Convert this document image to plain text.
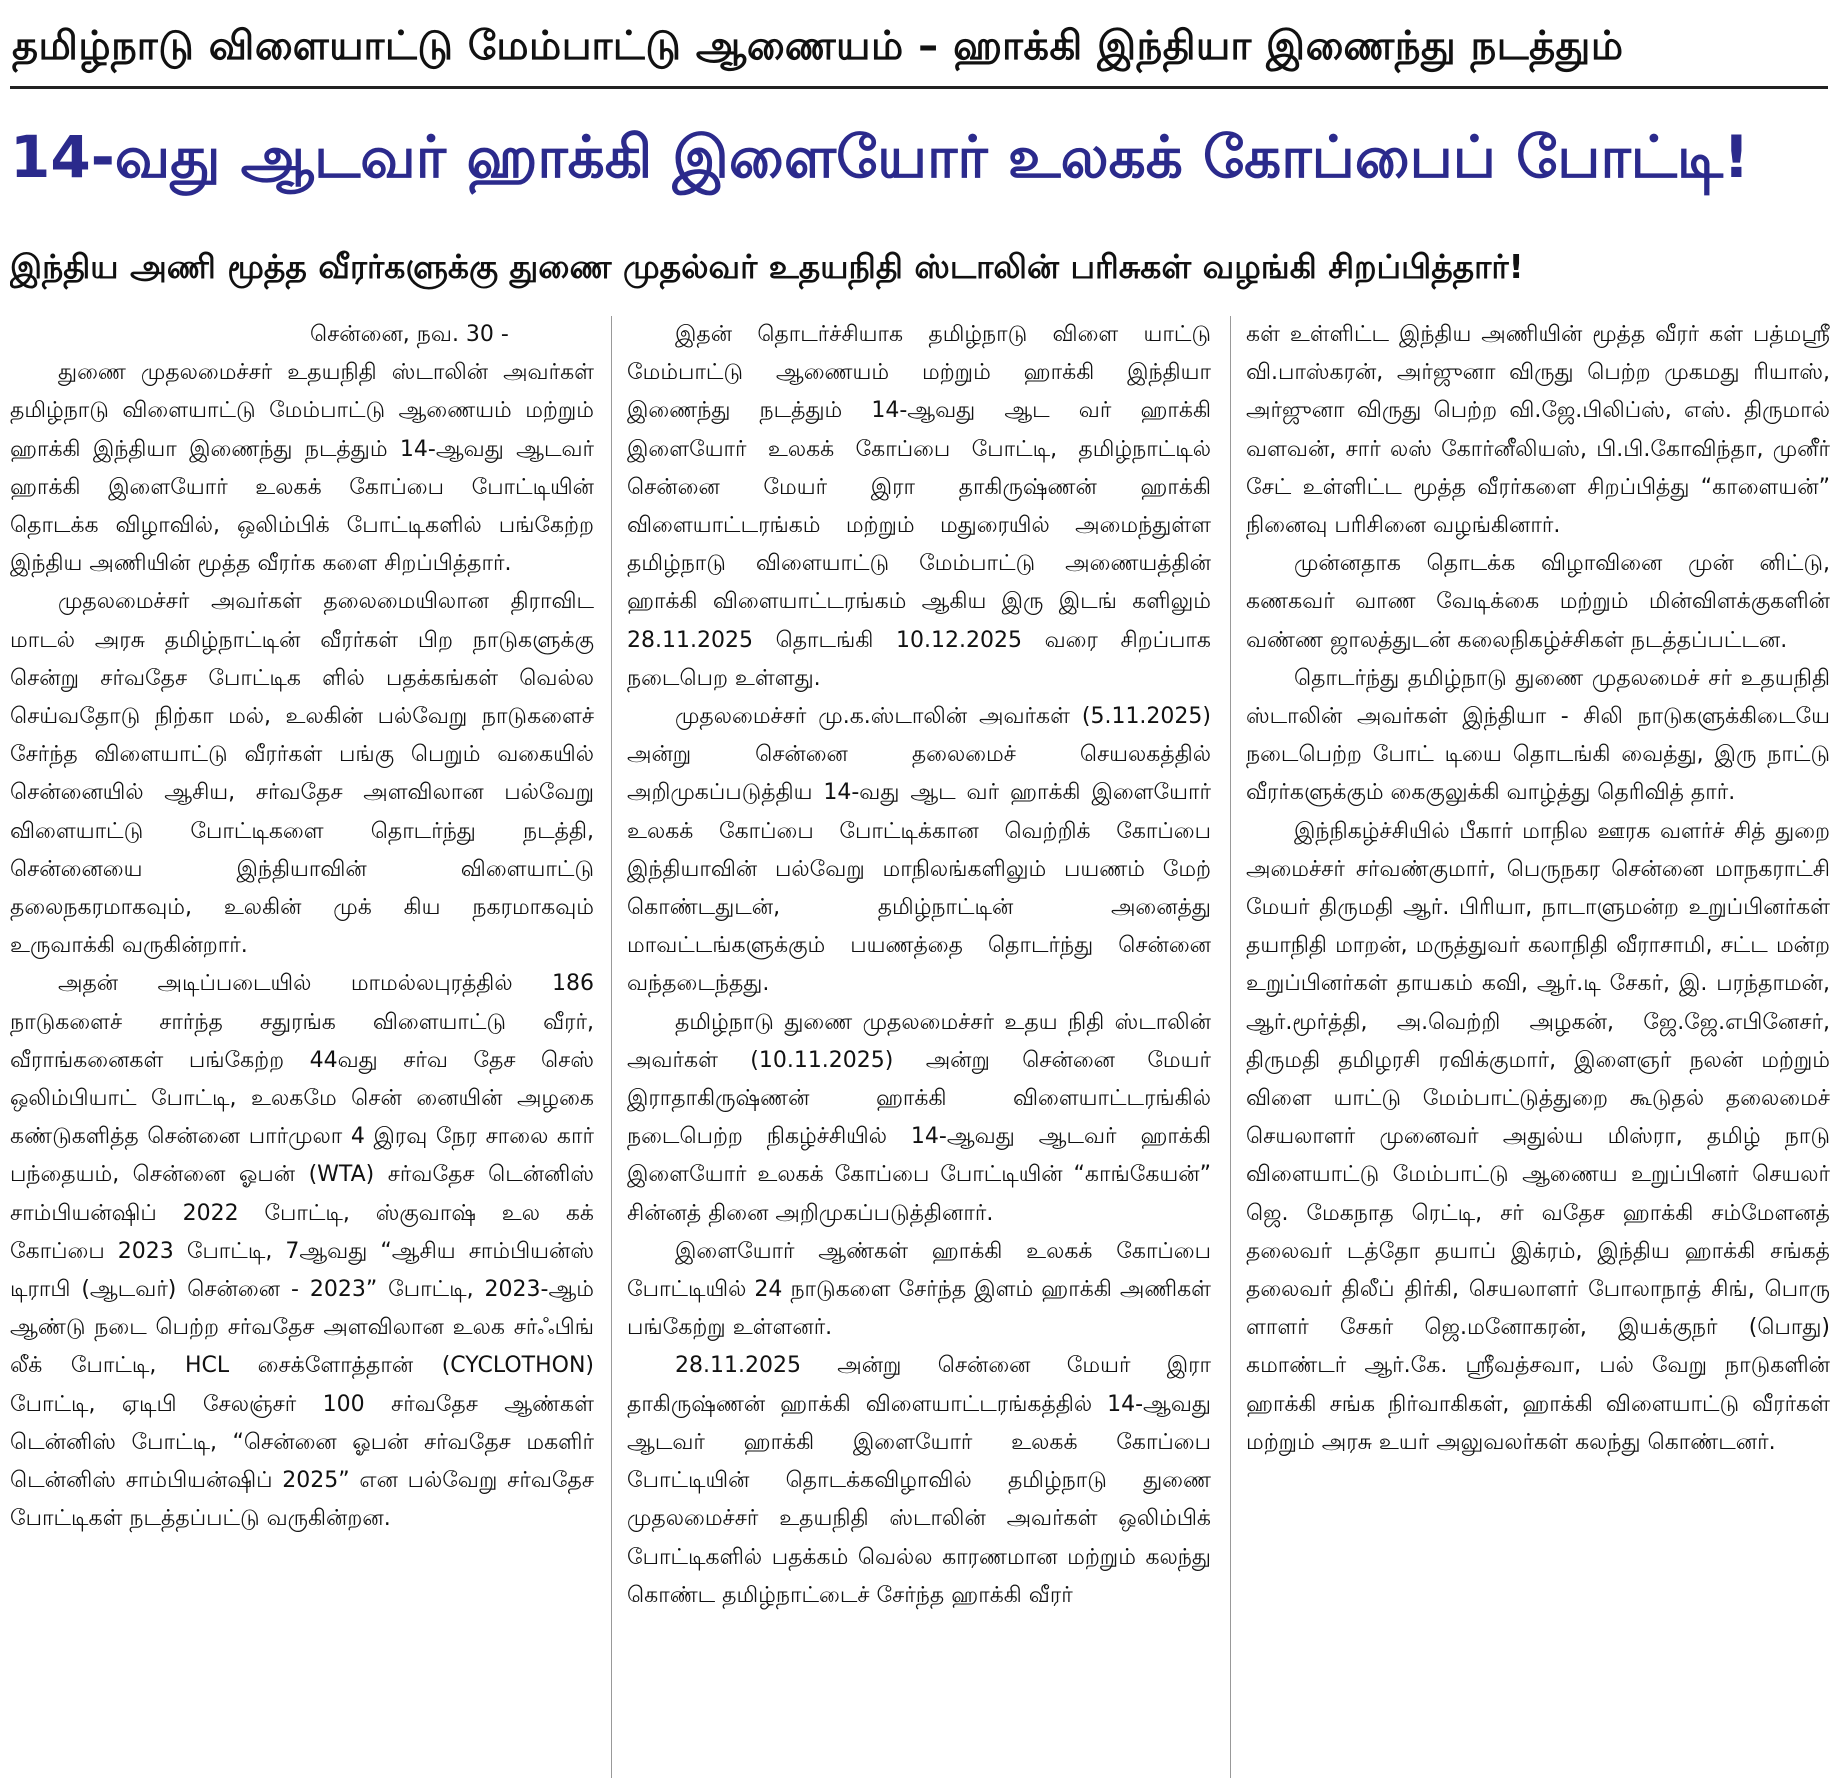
தமிழ்நாடு விளையாட்டு மேம்பாட்டு ஆணையம் – ஹாக்கி இந்தியா இணைந்து நடத்தும்
14-வது ஆடவர் ஹாக்கி இளையோர் உலகக் கோப்பைப் போட்டி!
இந்திய அணி மூத்த வீரர்களுக்கு துணை முதல்வர் உதயநிதி ஸ்டாலின் பரிசுகள் வழங்கி சிறப்பித்தார்!
சென்னை, நவ. 30 -
துணை முதலமைச்சர் உதயநிதி ஸ்டாலின் அவர்கள் தமிழ்நாடு விளையாட்டு மேம்பாட்டு ஆணையம் மற்றும் ஹாக்கி இந்தியா இணைந்து நடத்தும் 14-ஆவது ஆடவர் ஹாக்கி இளையோர் உலகக் கோப்பை போட்டியின் தொடக்க விழாவில், ஒலிம்பிக் போட்டிகளில் பங்கேற்ற இந்திய அணியின் மூத்த வீரர்க களை சிறப்பித்தார்.
முதலமைச்சர் அவர்கள் தலைமையிலான திராவிட மாடல் அரசு தமிழ்நாட்டின் வீரர்கள் பிற நாடுகளுக்கு சென்று சர்வதேச போட்டிக ளில் பதக்கங்கள் வெல்ல செய்வதோடு நிற்கா மல், உலகின் பல்வேறு நாடுகளைச் சேர்ந்த விளையாட்டு வீரர்கள் பங்கு பெறும் வகையில் சென்னையில் ஆசிய, சர்வதேச அளவிலான பல்வேறு விளையாட்டு போட்டிகளை தொடர்ந்து நடத்தி, சென்னையை இந்தியாவின் விளையாட்டு தலைநகரமாகவும், உலகின் முக் கிய நகரமாகவும் உருவாக்கி வருகின்றார்.
அதன் அடிப்படையில் மாமல்லபுரத்தில் 186 நாடுகளைச் சார்ந்த சதுரங்க விளையாட்டு வீரர், வீராங்கனைகள் பங்கேற்ற 44வது சர்வ தேச செஸ் ஒலிம்பியாட் போட்டி, உலகமே சென் னையின் அழகை கண்டுகளித்த சென்னை பார்முலா 4 இரவு நேர சாலை கார் பந்தையம், சென்னை ஓபன் (WTA) சர்வதேச டென்னிஸ் சாம்பியன்ஷிப் 2022 போட்டி, ஸ்குவாஷ் உல கக் கோப்பை 2023 போட்டி, 7ஆவது “ஆசிய சாம்பியன்ஸ் டிராபி (ஆடவர்) சென்னை - 2023” போட்டி, 2023-ஆம் ஆண்டு நடை பெற்ற சர்வதேச அளவிலான உலக சர்ஃபிங் லீக் போட்டி, HCL சைக்ளோத்தான் (CYCLOTHON) போட்டி, ஏடிபி சேலஞ்சர் 100 சர்வதேச ஆண்கள் டென்னிஸ் போட்டி, “சென்னை ஓபன் சர்வதேச மகளிர் டென்னிஸ் சாம்பியன்ஷிப் 2025” என பல்வேறு சர்வதேச போட்டிகள் நடத்தப்பட்டு வருகின்றன.
இதன் தொடர்ச்சியாக தமிழ்நாடு விளை யாட்டு மேம்பாட்டு ஆணையம் மற்றும் ஹாக்கி இந்தியா இணைந்து நடத்தும் 14-ஆவது ஆட வர் ஹாக்கி இளையோர் உலகக் கோப்பை போட்டி, தமிழ்நாட்டில் சென்னை மேயர் இரா தாகிருஷ்ணன் ஹாக்கி விளையாட்டரங்கம் மற்றும் மதுரையில் அமைந்துள்ள தமிழ்நாடு விளையாட்டு மேம்பாட்டு அணையத்தின் ஹாக்கி விளையாட்டரங்கம் ஆகிய இரு இடங் களிலும் 28.11.2025 தொடங்கி 10.12.2025 வரை சிறப்பாக நடைபெற உள்ளது.
முதலமைச்சர் மு.க.ஸ்டாலின் அவர்கள் (5.11.2025) அன்று சென்னை தலைமைச் செயலகத்தில் அறிமுகப்படுத்திய 14-வது ஆட வர் ஹாக்கி இளையோர் உலகக் கோப்பை போட்டிக்கான வெற்றிக் கோப்பை இந்தியாவின் பல்வேறு மாநிலங்களிலும் பயணம் மேற் கொண்டதுடன், தமிழ்நாட்டின் அனைத்து மாவட்டங்களுக்கும் பயணத்தை தொடர்ந்து சென்னை வந்தடைந்தது.
தமிழ்நாடு துணை முதலமைச்சர் உதய நிதி ஸ்டாலின் அவர்கள் (10.11.2025) அன்று சென்னை மேயர் இராதாகிருஷ்ணன் ஹாக்கி விளையாட்டரங்கில் நடைபெற்ற நிகழ்ச்சியில் 14-ஆவது ஆடவர் ஹாக்கி இளையோர் உலகக் கோப்பை போட்டியின் “காங்கேயன்” சின்னத் தினை அறிமுகப்படுத்தினார்.
இளையோர் ஆண்கள் ஹாக்கி உலகக் கோப்பை போட்டியில் 24 நாடுகளை சேர்ந்த இளம் ஹாக்கி அணிகள் பங்கேற்று உள்ளனர்.
28.11.2025 அன்று சென்னை மேயர் இரா தாகிருஷ்ணன் ஹாக்கி விளையாட்டரங்கத்தில் 14-ஆவது ஆடவர் ஹாக்கி இளையோர் உலகக் கோப்பை போட்டியின் தொடக்கவிழாவில் தமிழ்நாடு துணை முதலமைச்சர் உதயநிதி ஸ்டாலின் அவர்கள் ஒலிம்பிக் போட்டிகளில் பதக்கம் வெல்ல காரணமான மற்றும் கலந்து கொண்ட தமிழ்நாட்டைச் சேர்ந்த ஹாக்கி வீரர்
கள் உள்ளிட்ட இந்திய அணியின் மூத்த வீரர் கள் பத்மஸ்ரீ வி.பாஸ்கரன், அர்ஜுனா விருது பெற்ற முகமது ரியாஸ், அர்ஜுனா விருது பெற்ற வி.ஜே.பிலிப்ஸ், எஸ். திருமால் வளவன், சார் லஸ் கோர்னீலியஸ், பி.பி.கோவிந்தா, முனீர் சேட் உள்ளிட்ட மூத்த வீரர்களை சிறப்பித்து “காளையன்” நினைவு பரிசினை வழங்கினார்.
முன்னதாக தொடக்க விழாவினை முன் னிட்டு, கணகவர் வாண வேடிக்கை மற்றும் மின்விளக்குகளின் வண்ண ஜாலத்துடன் கலைநிகழ்ச்சிகள் நடத்தப்பட்டன.
தொடர்ந்து தமிழ்நாடு துணை முதலமைச் சர் உதயநிதி ஸ்டாலின் அவர்கள் இந்தியா - சிலி நாடுகளுக்கிடையே நடைபெற்ற போட் டியை தொடங்கி வைத்து, இரு நாட்டு வீரர்களுக்கும் கைகுலுக்கி வாழ்த்து தெரிவித் தார்.
இந்நிகழ்ச்சியில் பீகார் மாநில ஊரக வளர்ச் சித் துறை அமைச்சர் சர்வண்குமார், பெருநகர சென்னை மாநகராட்சி மேயர் திருமதி ஆர். பிரியா, நாடாளுமன்ற உறுப்பினர்கள் தயாநிதி மாறன், மருத்துவர் கலாநிதி வீராசாமி, சட்ட மன்ற உறுப்பினர்கள் தாயகம் கவி, ஆர்.டி சேகர், இ. பரந்தாமன், ஆர்.மூர்த்தி, அ.வெற்றி அழகன், ஜே.ஜே.எபினேசர், திருமதி தமிழரசி ரவிக்குமார், இளைஞர் நலன் மற்றும் விளை யாட்டு மேம்பாட்டுத்துறை கூடுதல் தலைமைச் செயலாளர் முனைவர் அதுல்ய மிஸ்ரா, தமிழ் நாடு விளையாட்டு மேம்பாட்டு ஆணைய உறுப்பினர் செயலர் ஜெ. மேகநாத ரெட்டி, சர் வதேச ஹாக்கி சம்மேளனத் தலைவர் டத்தோ தயாப் இக்ரம், இந்திய ஹாக்கி சங்கத் தலைவர் திலீப் திர்கி, செயலாளர் போலாநாத் சிங், பொரு ளாளர் சேகர் ஜெ.மனோகரன், இயக்குநர் (பொது) கமாண்டர் ஆர்.கே. ஸ்ரீவத்சவா, பல் வேறு நாடுகளின் ஹாக்கி சங்க நிர்வாகிகள், ஹாக்கி விளையாட்டு வீரர்கள் மற்றும் அரசு உயர் அலுவலர்கள் கலந்து கொண்டனர்.
